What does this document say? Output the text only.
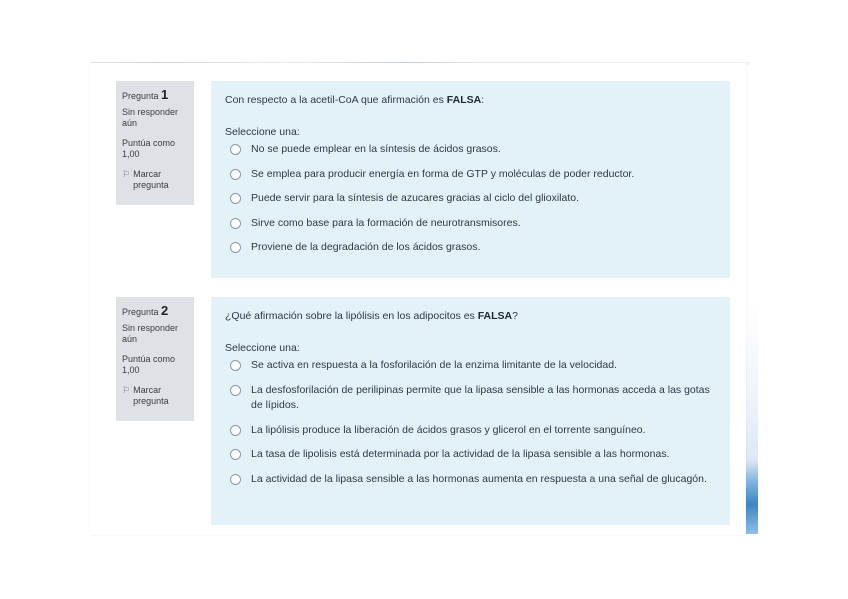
Pregunta 1
Sin responder aún
Puntúa como 1,00
⚐ Marcar pregunta
Con respecto a la acetil-CoA que afirmación es FALSA:
Seleccione una:
No se puede emplear en la síntesis de ácidos grasos.
Se emplea para producir energía en forma de GTP y moléculas de poder reductor.
Puede servir para la síntesis de azucares gracias al ciclo del glioxilato.
Sirve como base para la formación de neurotransmisores.
Proviene de la degradación de los ácidos grasos.
Pregunta 2
Sin responder aún
Puntúa como 1,00
⚐ Marcar pregunta
¿Qué afirmación sobre la lipólisis en los adipocitos es FALSA?
Seleccione una:
Se activa en respuesta a la fosforilación de la enzima limitante de la velocidad.
La desfosforilación de perilipinas permite que la lipasa sensible a las hormonas acceda a las gotas de lípidos.
La lipólisis produce la liberación de ácidos grasos y glicerol en el torrente sanguíneo.
La tasa de lipolisis está determinada por la actividad de la lipasa sensible a las hormonas.
La actividad de la lipasa sensible a las hormonas aumenta en respuesta a una señal de glucagón.
